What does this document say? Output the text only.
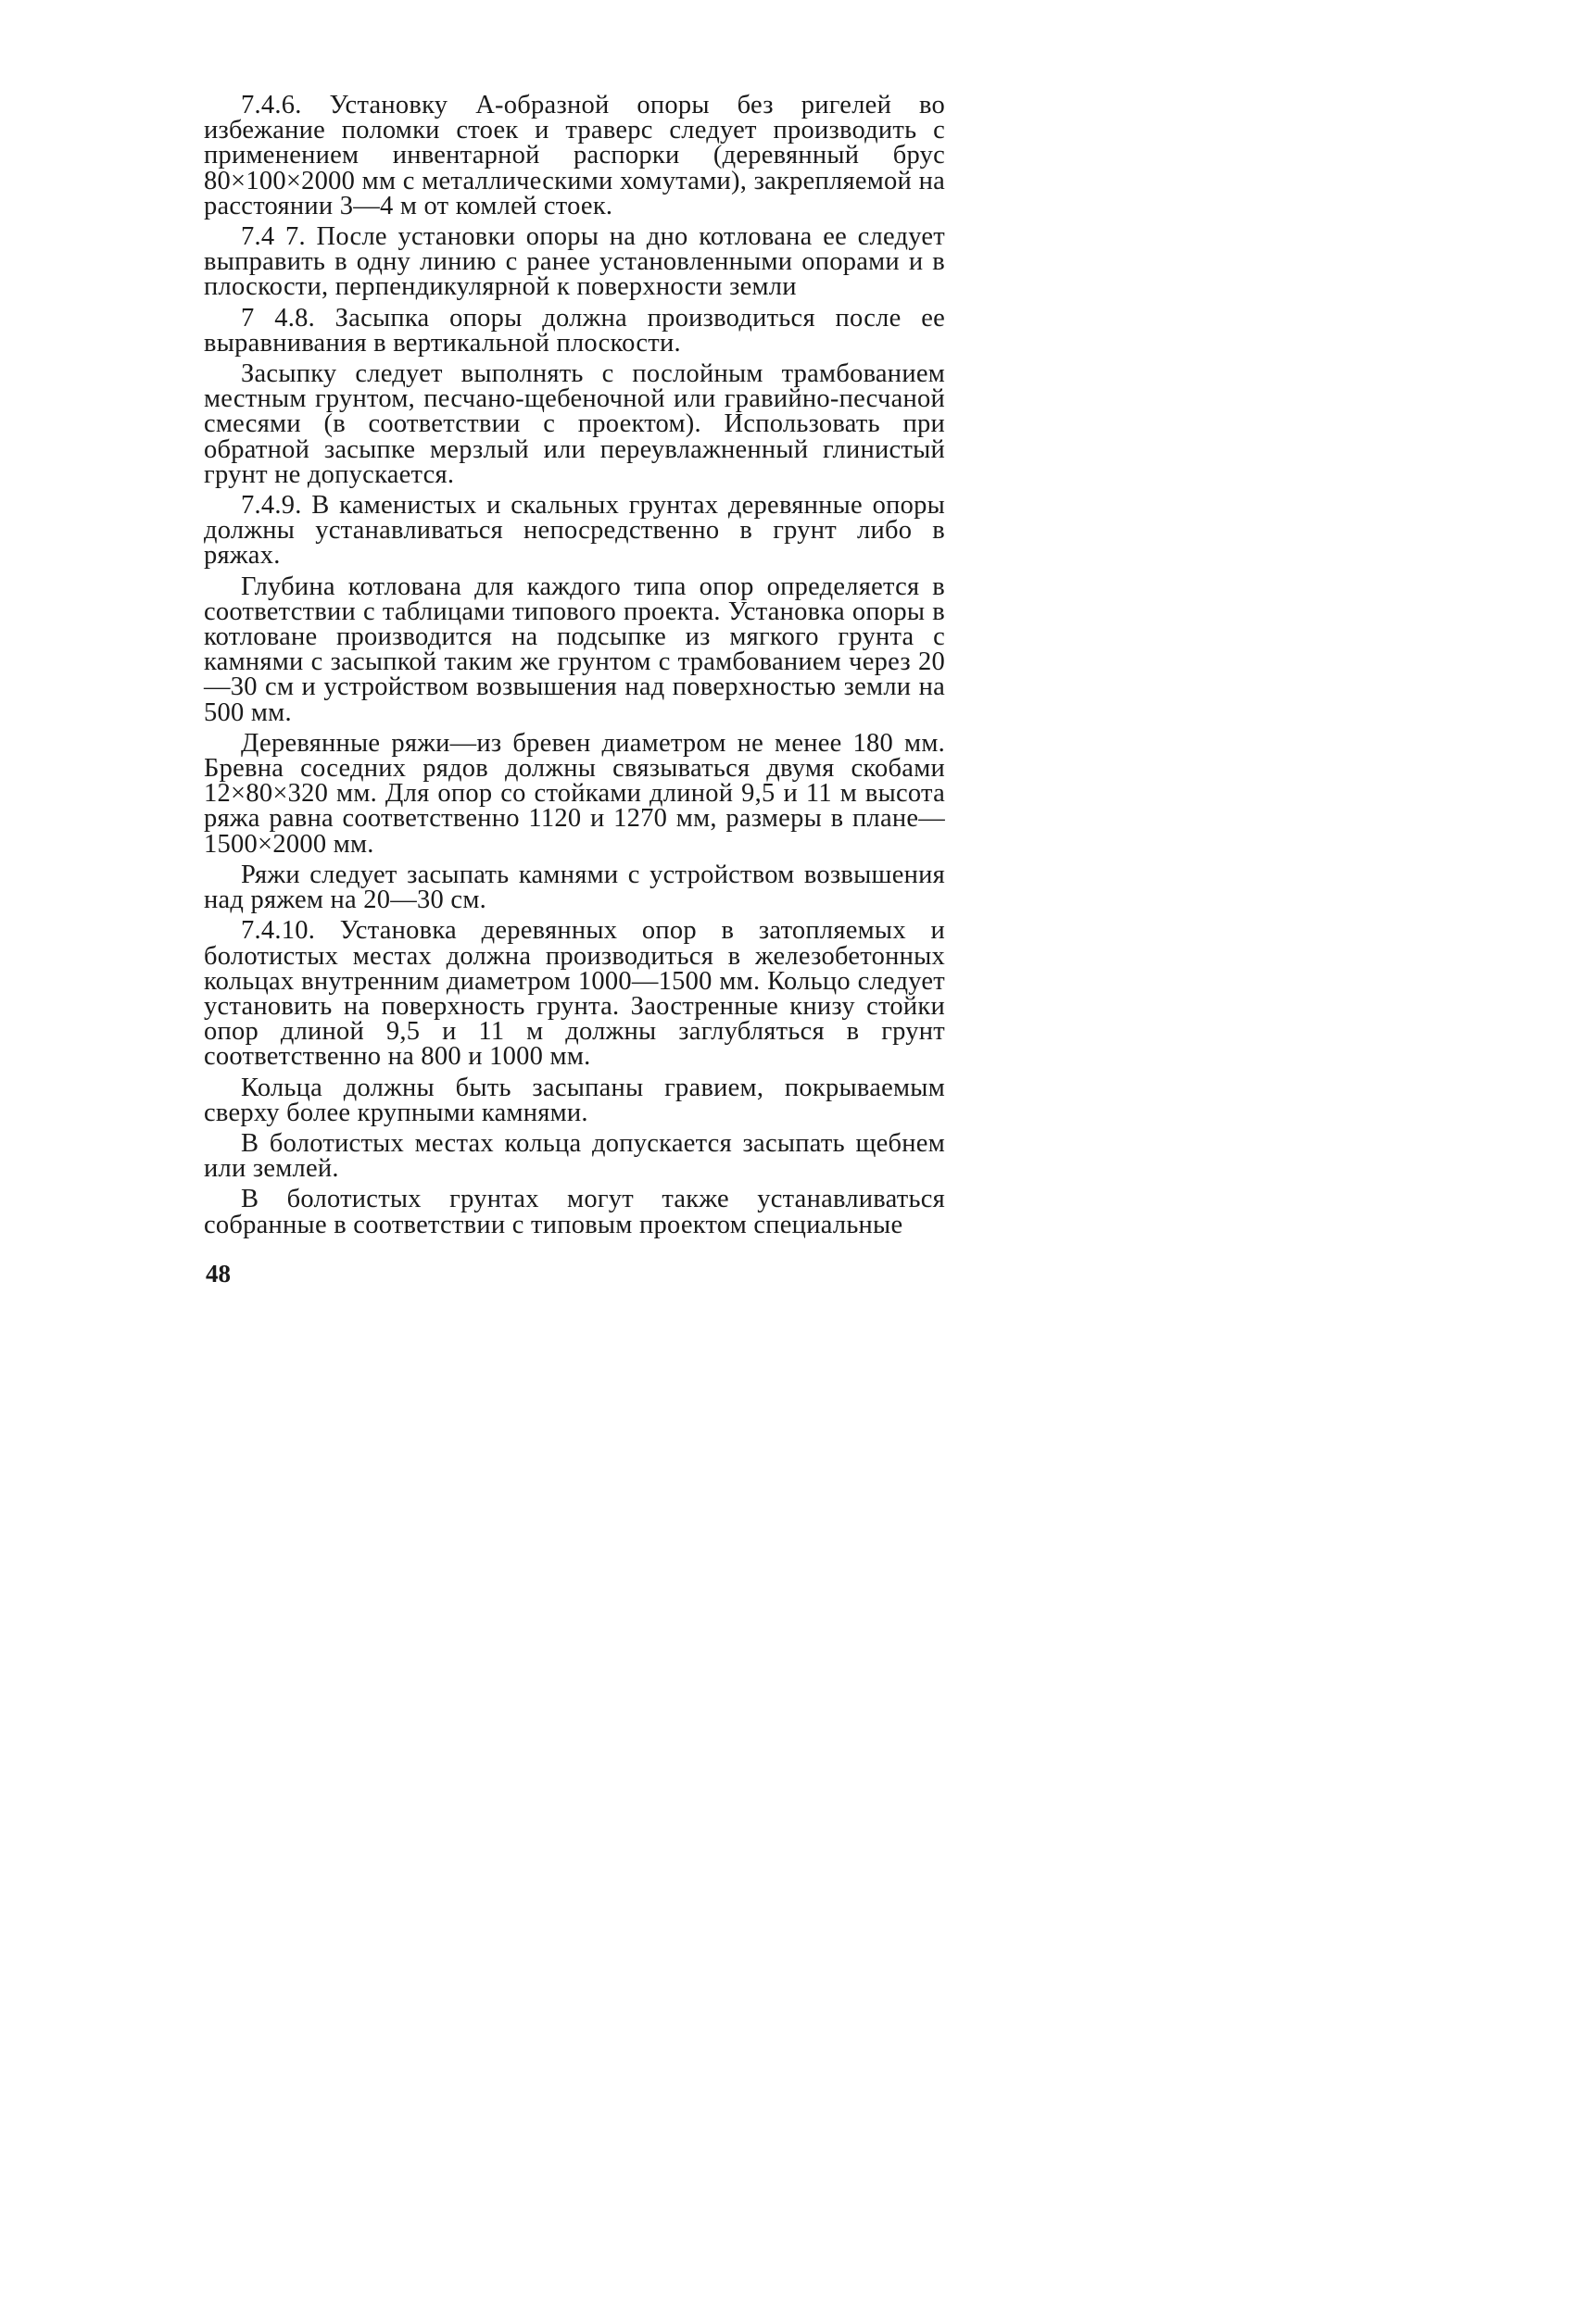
7.4.6. Установку А-образной опоры без ригелей во избежание поломки стоек и траверс следует производить с применением инвентарной распорки (деревянный брус 80×100×2000 мм с металлическими хомутами), закрепляемой на расстоянии 3—4 м от комлей стоек.

7.4 7. После установки опоры на дно котлована ее следует выправить в одну линию с ранее установленными опорами и в плоскости, перпендикулярной к поверхности земли

7 4.8. Засыпка опоры должна производиться после ее выравнивания в вертикальной плоскости.

Засыпку следует выполнять с послойным трамбованием местным грунтом, песчано-щебеночной или гравийно-песчаной смесями (в соответствии с проектом). Использовать при обратной засыпке мерзлый или переувлажненный глинистый грунт не допускается.

7.4.9. В каменистых и скальных грунтах деревянные опоры должны устанавливаться непосредственно в грунт либо в ряжах.

Глубина котлована для каждого типа опор определяется в соответствии с таблицами типового проекта. Установка опоры в котловане производится на подсыпке из мягкого грунта с камнями с засыпкой таким же грунтом с трамбованием через 20—30 см и устройством возвышения над поверхностью земли на 500 мм.

Деревянные ряжи—из бревен диаметром не менее 180 мм. Бревна соседних рядов должны связываться двумя скобами 12×80×320 мм. Для опор со стойками длиной 9,5 и 11 м высота ряжа равна соответственно 1120 и 1270 мм, размеры в плане—1500×2000 мм.

Ряжи следует засыпать камнями с устройством возвышения над ряжем на 20—30 см.

7.4.10. Установка деревянных опор в затопляемых и болотистых местах должна производиться в железобетонных кольцах внутренним диаметром 1000—1500 мм. Кольцо следует установить на поверхность грунта. Заостренные книзу стойки опор длиной 9,5 и 11 м должны заглубляться в грунт соответственно на 800 и 1000 мм.

Кольца должны быть засыпаны гравием, покрываемым сверху более крупными камнями.

В болотистых местах кольца допускается засыпать щебнем или землей.

В болотистых грунтах могут также устанавливаться собранные в соответствии с типовым проектом специальные

48
